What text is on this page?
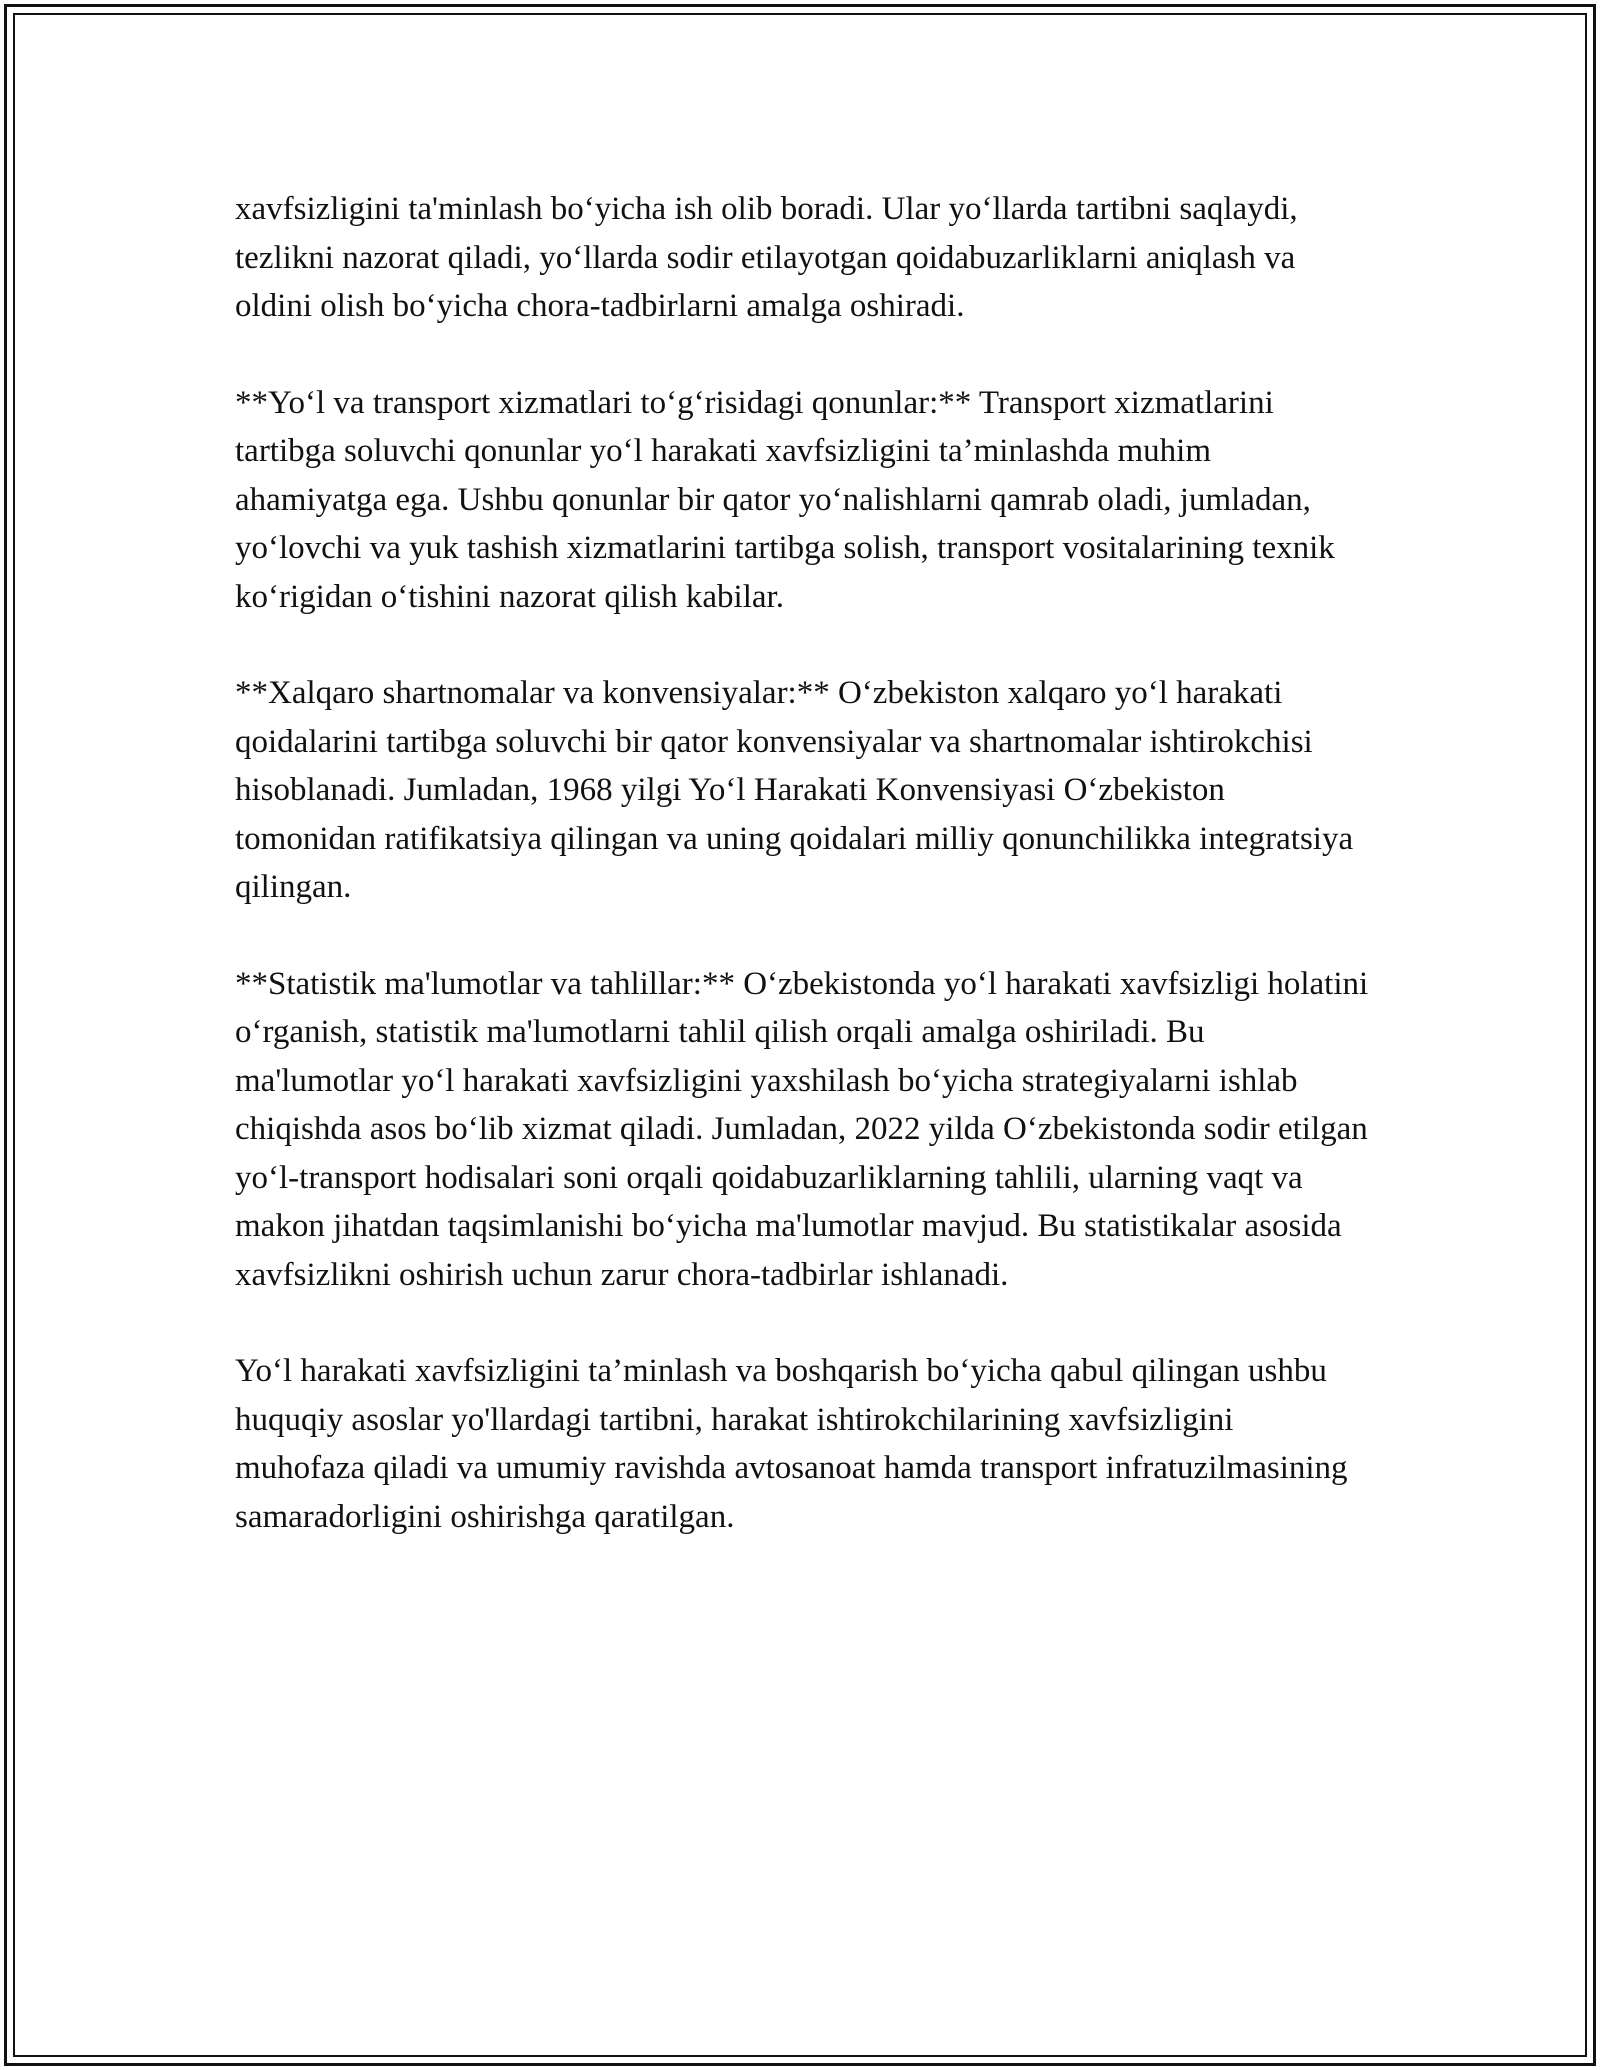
xavfsizligini ta'minlash bo‘yicha ish olib boradi. Ular yo‘llarda tartibni saqlaydi, tezlikni nazorat qiladi, yo‘llarda sodir etilayotgan qoidabuzarliklarni aniqlash va oldini olish bo‘yicha chora-tadbirlarni amalga oshiradi.

**Yo‘l va transport xizmatlari to‘g‘risidagi qonunlar:** Transport xizmatlarini tartibga soluvchi qonunlar yo‘l harakati xavfsizligini ta’minlashda muhim ahamiyatga ega. Ushbu qonunlar bir qator yo‘nalishlarni qamrab oladi, jumladan, yo‘lovchi va yuk tashish xizmatlarini tartibga solish, transport vositalarining texnik ko‘rigidan o‘tishini nazorat qilish kabilar.

**Xalqaro shartnomalar va konvensiyalar:** O‘zbekiston xalqaro yo‘l harakati qoidalarini tartibga soluvchi bir qator konvensiyalar va shartnomalar ishtirokchisi hisoblanadi. Jumladan, 1968 yilgi Yo‘l Harakati Konvensiyasi O‘zbekiston tomonidan ratifikatsiya qilingan va uning qoidalari milliy qonunchilikka integratsiya qilingan.

**Statistik ma'lumotlar va tahlillar:** O‘zbekistonda yo‘l harakati xavfsizligi holatini o‘rganish, statistik ma'lumotlarni tahlil qilish orqali amalga oshiriladi. Bu ma'lumotlar yo‘l harakati xavfsizligini yaxshilash bo‘yicha strategiyalarni ishlab chiqishda asos bo‘lib xizmat qiladi. Jumladan, 2022 yilda O‘zbekistonda sodir etilgan yo‘l-transport hodisalari soni orqali qoidabuzarliklarning tahlili, ularning vaqt va makon jihatdan taqsimlanishi bo‘yicha ma'lumotlar mavjud. Bu statistikalar asosida xavfsizlikni oshirish uchun zarur chora-tadbirlar ishlanadi.

Yo‘l harakati xavfsizligini ta’minlash va boshqarish bo‘yicha qabul qilingan ushbu huquqiy asoslar yo'llardagi tartibni, harakat ishtirokchilarining xavfsizligini muhofaza qiladi va umumiy ravishda avtosanoat hamda transport infratuzilmasining samaradorligini oshirishga qaratilgan.
